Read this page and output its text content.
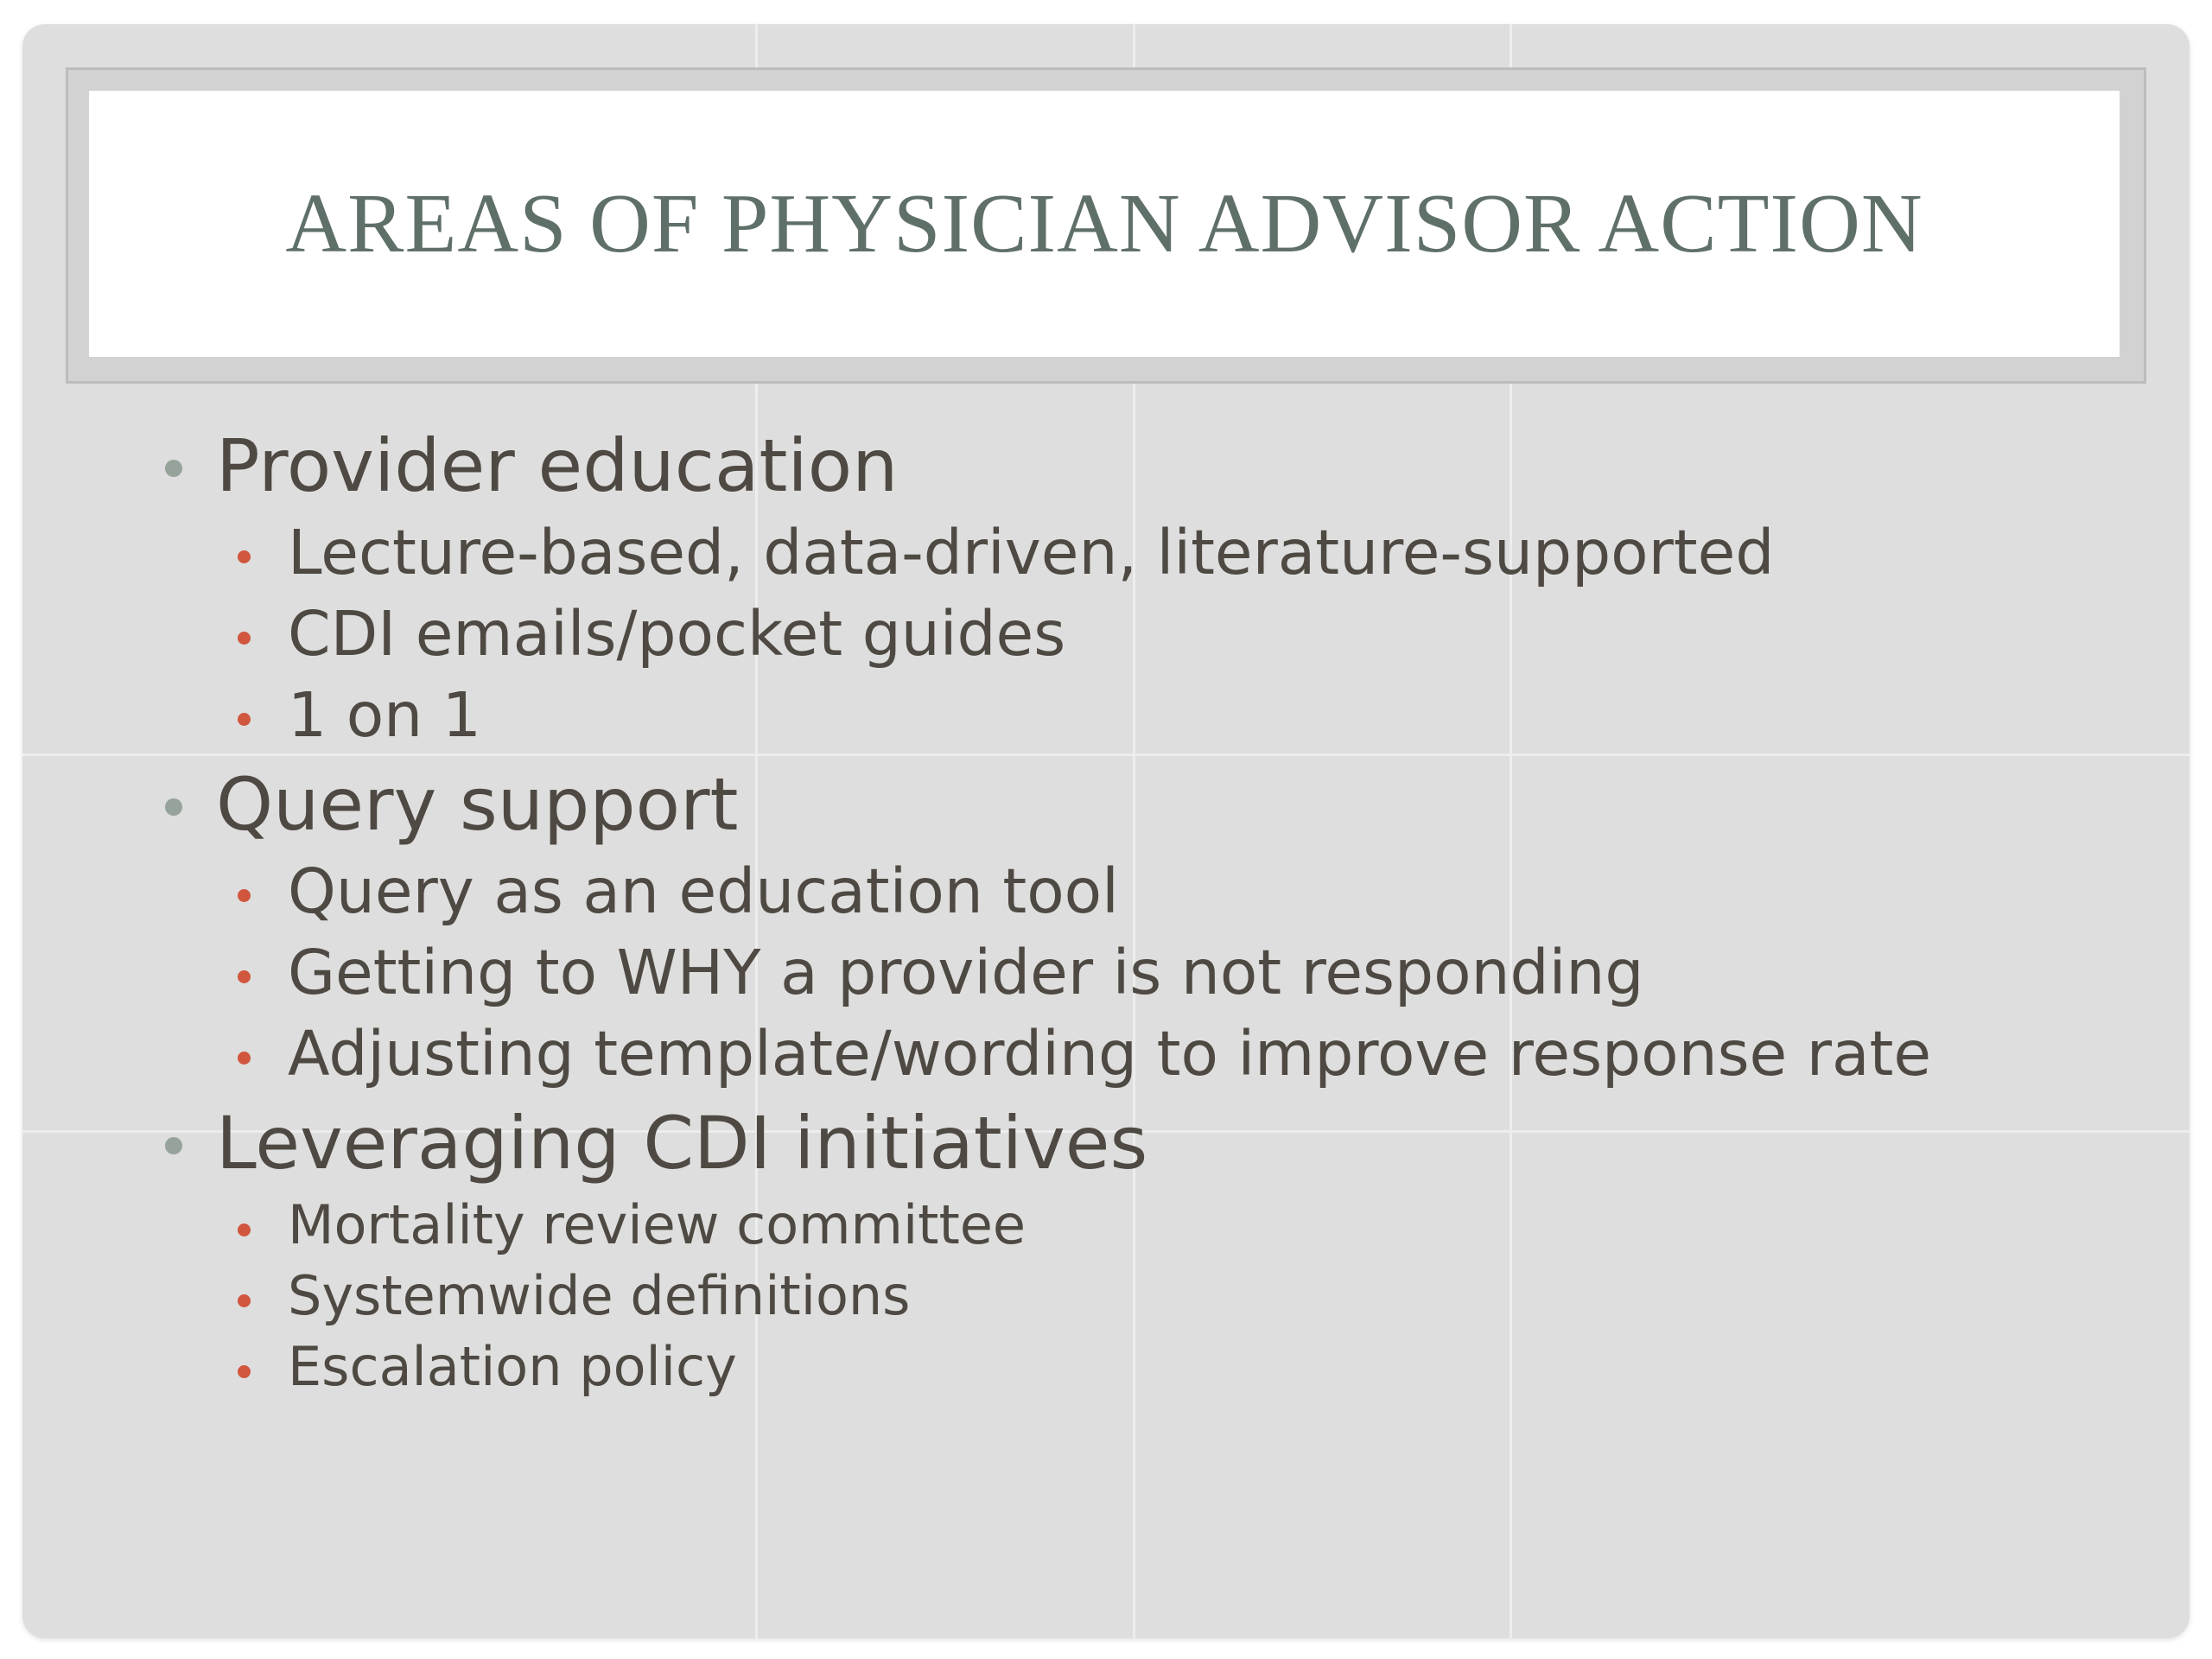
AREAS OF PHYSICIAN ADVISOR ACTION
Provider education
Lecture-based, data-driven, literature-supported
CDI emails/pocket guides
1 on 1
Query support
Query as an education tool
Getting to WHY a provider is not responding
Adjusting template/wording to improve response rate
Leveraging CDI initiatives
Mortality review committee
Systemwide definitions
Escalation policy
